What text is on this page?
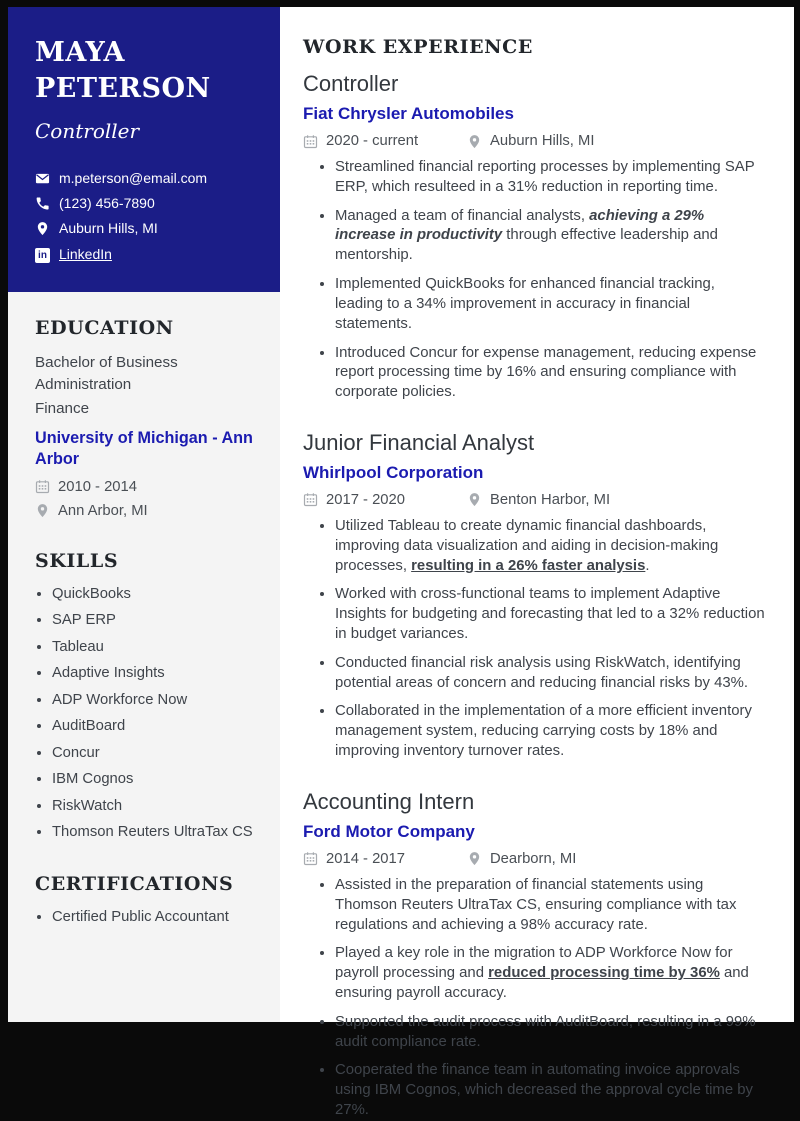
MAYA
PETERSON
Controller
m.peterson@email.com
(123) 456-7890
Auburn Hills, MI
in LinkedIn
EDUCATION
Bachelor of Business Administration
Finance
University of Michigan - Ann Arbor
2010 - 2014
Ann Arbor, MI
SKILLS
• QuickBooks
• SAP ERP
• Tableau
• Adaptive Insights
• ADP Workforce Now
• AuditBoard
• Concur
• IBM Cognos
• RiskWatch
• Thomson Reuters UltraTax CS
CERTIFICATIONS
• Certified Public Accountant
WORK EXPERIENCE
Controller
Fiat Chrysler Automobiles
2020 - current	Auburn Hills, MI
• Streamlined financial reporting processes by implementing SAP ERP, which resulteed in a 31% reduction in reporting time.
• Managed a team of financial analysts, achieving a 29% increase in productivity through effective leadership and mentorship.
• Implemented QuickBooks for enhanced financial tracking, leading to a 34% improvement in accuracy in financial statements.
• Introduced Concur for expense management, reducing expense report processing time by 16% and ensuring compliance with corporate policies.
Junior Financial Analyst
Whirlpool Corporation
2017 - 2020	Benton Harbor, MI
• Utilized Tableau to create dynamic financial dashboards, improving data visualization and aiding in decision-making processes, resulting in a 26% faster analysis.
• Worked with cross-functional teams to implement Adaptive Insights for budgeting and forecasting that led to a 32% reduction in budget variances.
• Conducted financial risk analysis using RiskWatch, identifying potential areas of concern and reducing financial risks by 43%.
• Collaborated in the implementation of a more efficient inventory management system, reducing carrying costs by 18% and improving inventory turnover rates.
Accounting Intern
Ford Motor Company
2014 - 2017	Dearborn, MI
• Assisted in the preparation of financial statements using Thomson Reuters UltraTax CS, ensuring compliance with tax regulations and achieving a 98% accuracy rate.
• Played a key role in the migration to ADP Workforce Now for payroll processing and reduced processing time by 36% and ensuring payroll accuracy.
• Supported the audit process with AuditBoard, resulting in a 99% audit compliance rate.
• Cooperated the finance team in automating invoice approvals using IBM Cognos, which decreased the approval cycle time by 27%.
